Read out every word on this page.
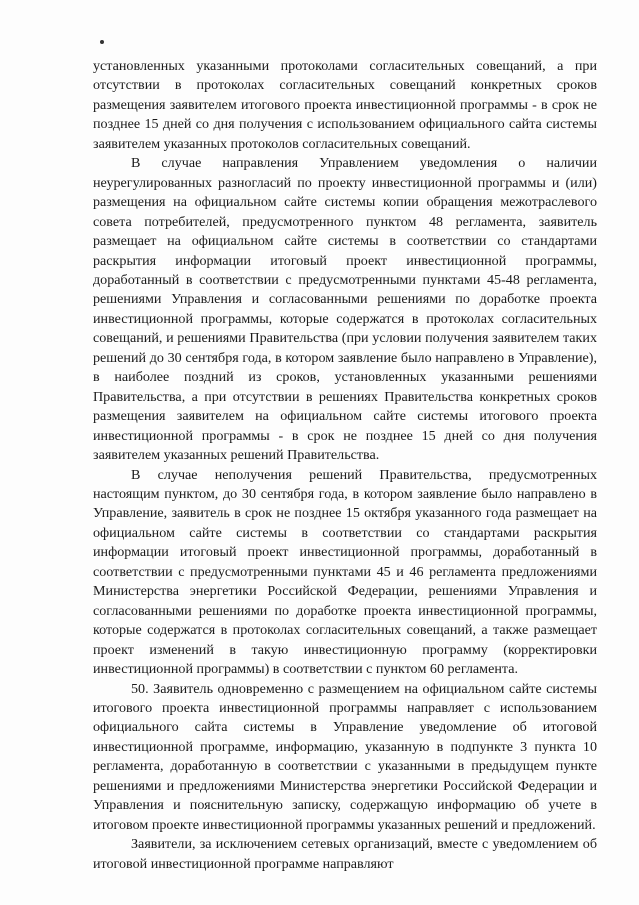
установленных указанными протоколами согласительных совещаний, а при отсутствии в протоколах согласительных совещаний конкретных сроков размещения заявителем итогового проекта инвестиционной программы - в срок не позднее 15 дней со дня получения с использованием официального сайта системы заявителем указанных протоколов согласительных совещаний.

В случае направления Управлением уведомления о наличии неурегулированных разногласий по проекту инвестиционной программы и (или) размещения на официальном сайте системы копии обращения межотраслевого совета потребителей, предусмотренного пунктом 48 регламента, заявитель размещает на официальном сайте системы в соответствии со стандартами раскрытия информации итоговый проект инвестиционной программы, доработанный в соответствии с предусмотренными пунктами 45-48 регламента, решениями Управления и согласованными решениями по доработке проекта инвестиционной программы, которые содержатся в протоколах согласительных совещаний, и решениями Правительства (при условии получения заявителем таких решений до 30 сентября года, в котором заявление было направлено в Управление), в наиболее поздний из сроков, установленных указанными решениями Правительства, а при отсутствии в решениях Правительства конкретных сроков размещения заявителем на официальном сайте системы итогового проекта инвестиционной программы - в срок не позднее 15 дней со дня получения заявителем указанных решений Правительства.

В случае неполучения решений Правительства, предусмотренных настоящим пунктом, до 30 сентября года, в котором заявление было направлено в Управление, заявитель в срок не позднее 15 октября указанного года размещает на официальном сайте системы в соответствии со стандартами раскрытия информации итоговый проект инвестиционной программы, доработанный в соответствии с предусмотренными пунктами 45 и 46 регламента предложениями Министерства энергетики Российской Федерации, решениями Управления и согласованными решениями по доработке проекта инвестиционной программы, которые содержатся в протоколах согласительных совещаний, а также размещает проект изменений в такую инвестиционную программу (корректировки инвестиционной программы) в соответствии с пунктом 60 регламента.

50. Заявитель одновременно с размещением на официальном сайте системы итогового проекта инвестиционной программы направляет с использованием официального сайта системы в Управление уведомление об итоговой инвестиционной программе, информацию, указанную в подпункте 3 пункта 10 регламента, доработанную в соответствии с указанными в предыдущем пункте решениями и предложениями Министерства энергетики Российской Федерации и Управления и пояснительную записку, содержащую информацию об учете в итоговом проекте инвестиционной программы указанных решений и предложений.

Заявители, за исключением сетевых организаций, вместе с уведомлением об итоговой инвестиционной программе направляют
